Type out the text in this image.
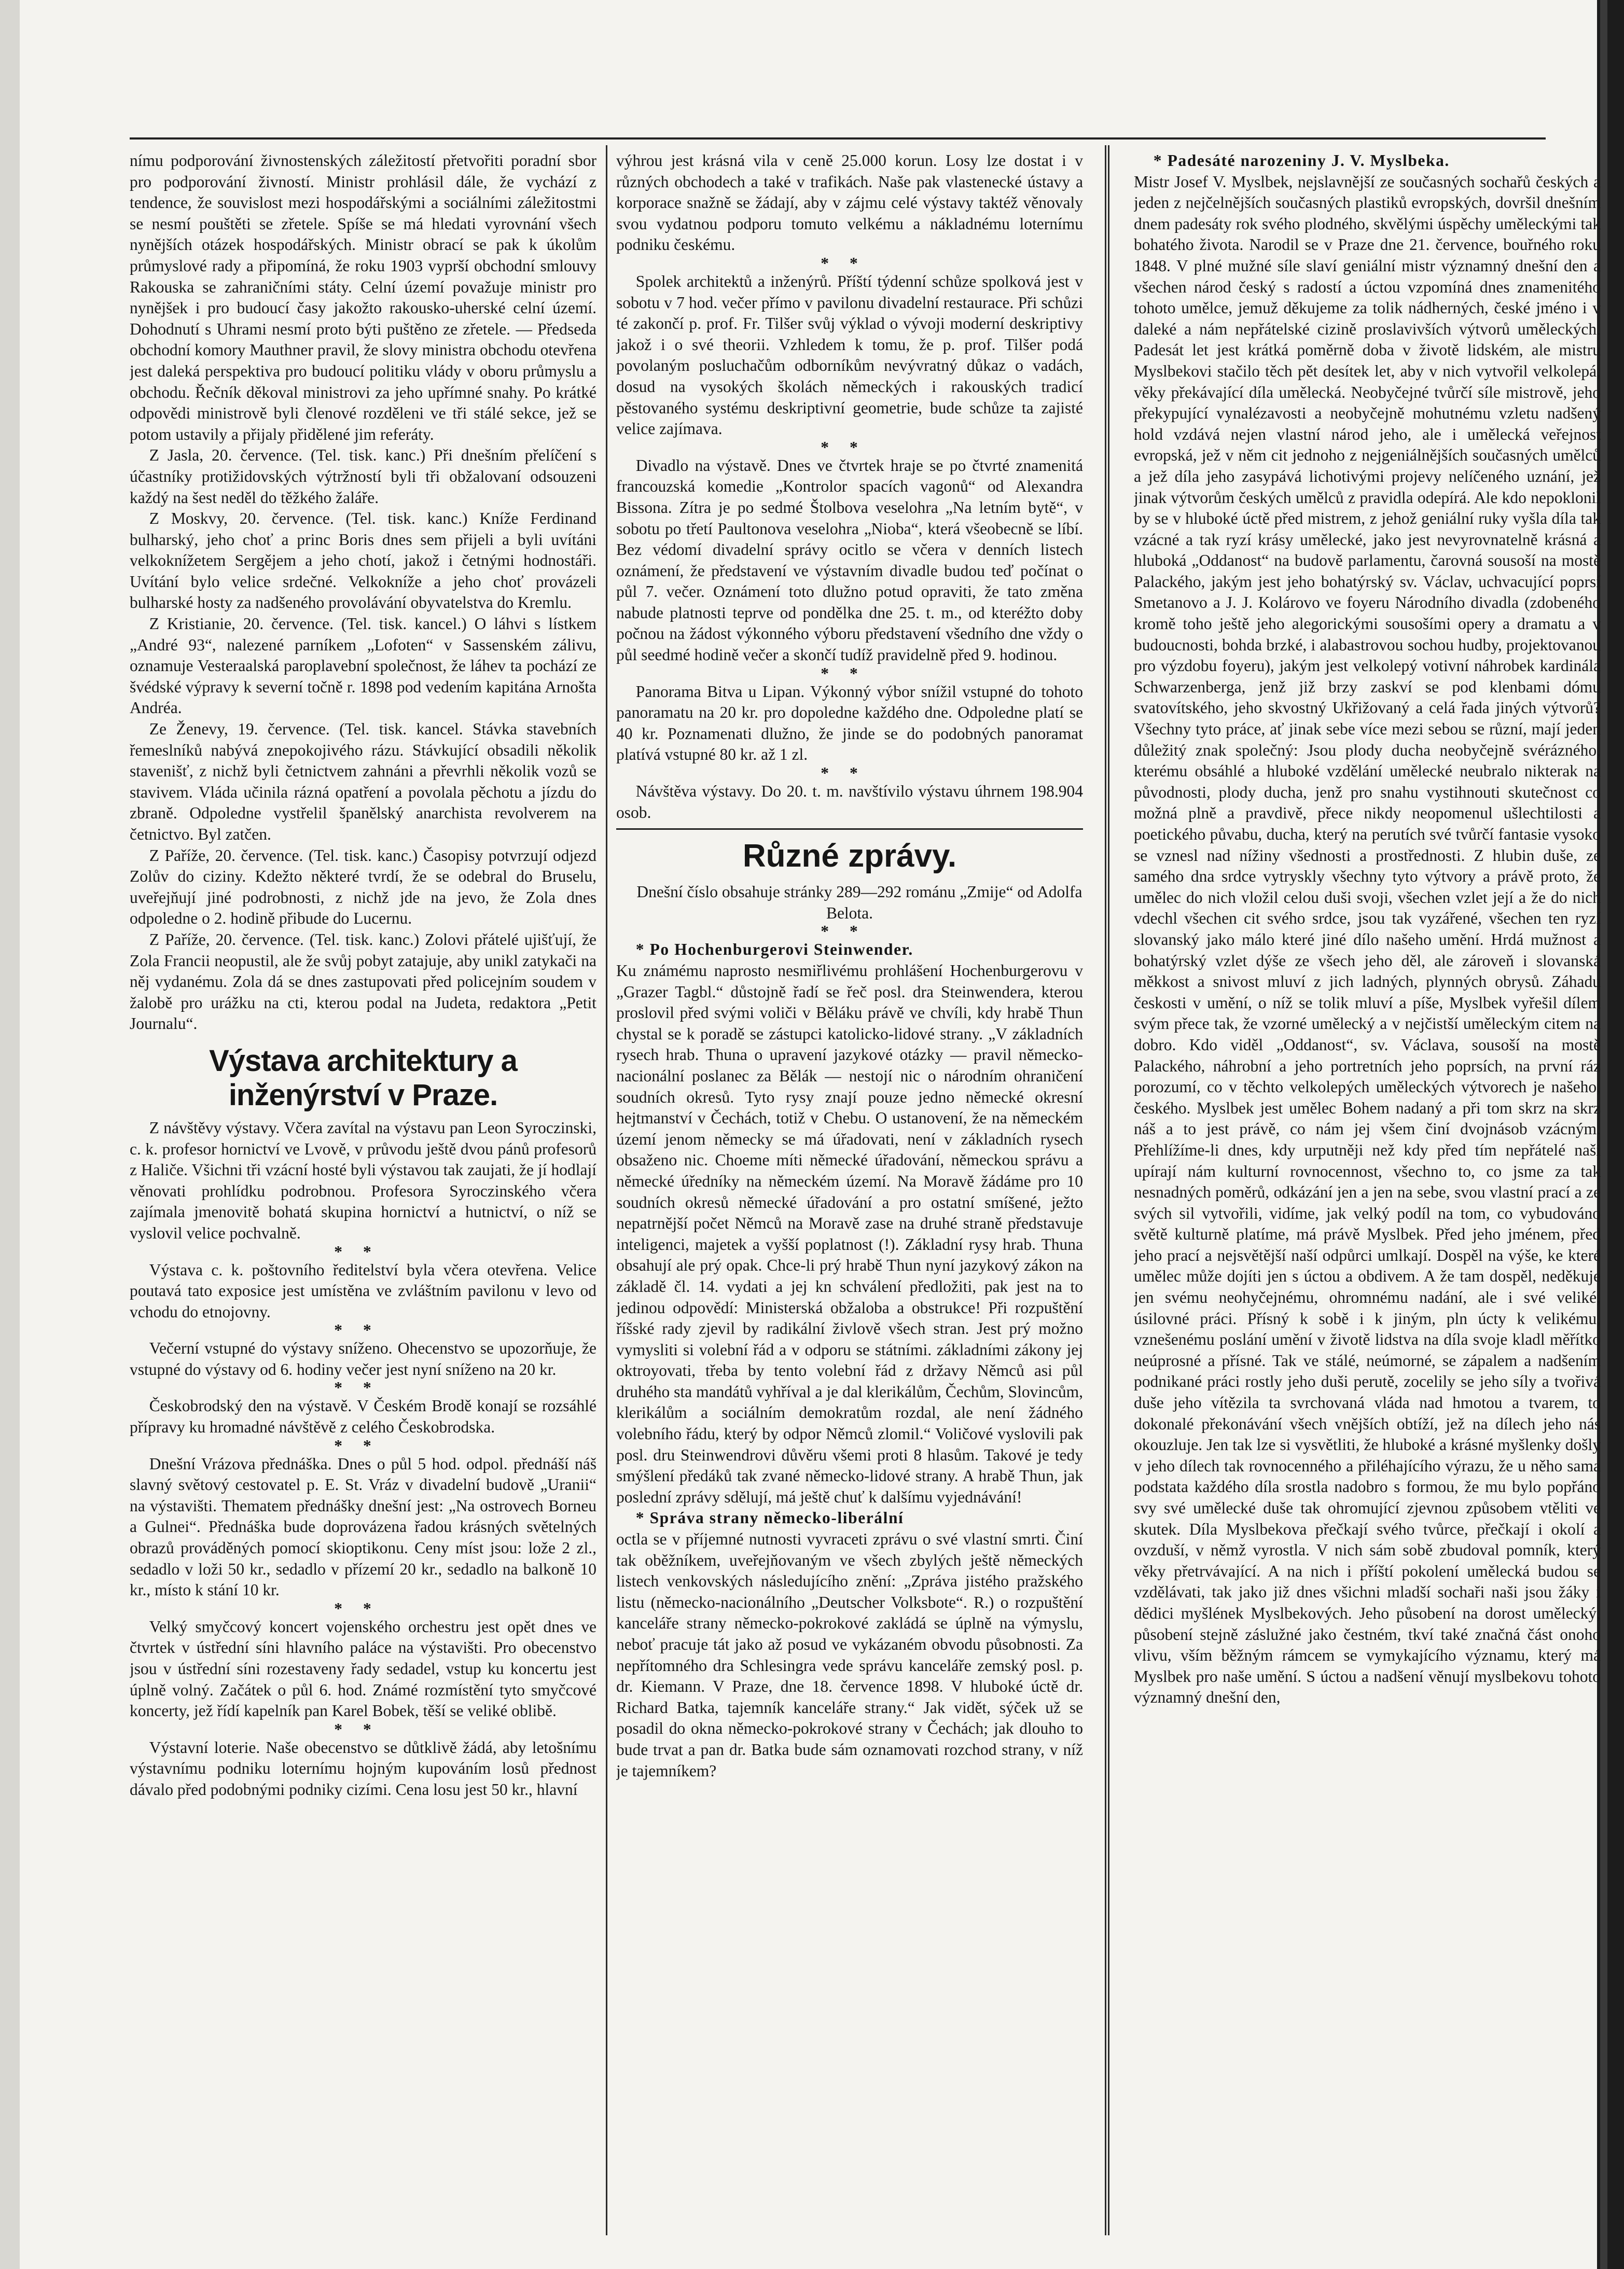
nímu podporování živnostenských záležitostí přetvořiti poradní sbor pro podporování živností. Ministr prohlásil dále, že vychází z tendence, že souvislost mezi hospodářskými a sociálními záležitostmi se nesmí pouštěti se zřetele. Spíše se má hledati vyrovnání všech nynějších otázek hospodářských. Ministr obrací se pak k úkolům průmyslové rady a připomíná, že roku 1903 vyprší obchodní smlouvy Rakouska se zahraničními státy. Celní území považuje ministr pro nynějšek i pro budoucí časy jakožto rakousko-uherské celní území. Dohodnutí s Uhrami nesmí proto býti puštěno ze zřetele. — Předseda obchodní komory Mauthner pravil, že slovy ministra obchodu otevřena jest daleká perspektiva pro budoucí politiku vlády v oboru průmyslu a obchodu. Řečník děkoval ministrovi za jeho upřímné snahy. Po krátké odpovědi ministrově byli členové rozděleni ve tři stálé sekce, jež se potom ustavily a přijaly přidělené jim referáty.

Z Jasla, 20. července. (Tel. tisk. kanc.) Při dnešním přelíčení s účastníky protižidovských výtržností byli tři obžalovaní odsouzeni každý na šest neděl do těžkého žaláře.

Z Moskvy, 20. července. (Tel. tisk. kanc.) Kníže Ferdinand bulharský, jeho choť a princ Boris dnes sem přijeli a byli uvítáni velkoknížetem Sergějem a jeho chotí, jakož i četnými hodnostáři. Uvítání bylo velice srdečné. Velkokníže a jeho choť provázeli bulharské hosty za nadšeného provolávání obyvatelstva do Kremlu.

Z Kristianie, 20. července. (Tel. tisk. kancel.) O láhvi s lístkem „André 93“, nalezené parníkem „Lofoten“ v Sassenském zálivu, oznamuje Vesteraalská paroplavební společnost, že láhev ta pochází ze švédské výpravy k severní točně r. 1898 pod vedením kapitána Arnošta Andréa.

Ze Ženevy, 19. července. (Tel. tisk. kancel. Stávka stavebních řemeslníků nabývá znepokojivého rázu. Stávkující obsadili několik stavenišť, z nichž byli četnictvem zahnáni a převrhli několik vozů se stavivem. Vláda učinila rázná opatření a povolala pěchotu a jízdu do zbraně. Odpoledne vystřelil španělský anarchista revolverem na četnictvo. Byl zatčen.

Z Paříže, 20. července. (Tel. tisk. kanc.) Časopisy potvrzují odjezd Zolův do ciziny. Kdežto některé tvrdí, že se odebral do Bruselu, uveřejňují jiné podrobnosti, z nichž jde na jevo, že Zola dnes odpoledne o 2. hodině přibude do Lucernu.

Z Paříže, 20. července. (Tel. tisk. kanc.) Zolovi přátelé ujišťují, že Zola Francii neopustil, ale že svůj pobyt zatajuje, aby unikl zatykači na něj vydanému. Zola dá se dnes zastupovati před policejním soudem v žalobě pro urážku na cti, kterou podal na Judeta, redaktora „Petit Journalu“.

Výstava architektury a inženýrství v Praze.

Z návštěvy výstavy. Včera zavítal na výstavu pan Leon Syroczinski, c. k. profesor hornictví ve Lvově, v průvodu ještě dvou pánů profesorů z Haliče. Všichni tři vzácní hosté byli výstavou tak zaujati, že jí hodlají věnovati prohlídku podrobnou. Profesora Syroczinského včera zajímala jmenovitě bohatá skupina hornictví a hutnictví, o níž se vyslovil velice pochvalně.

**

Výstava c. k. poštovního ředitelství byla včera otevřena. Velice poutavá tato exposice jest umístěna ve zvláštním pavilonu v levo od vchodu do etnojovny.

**

Večerní vstupné do výstavy sníženo. Ohecenstvo se upozorňuje, že vstupné do výstavy od 6. hodiny večer jest nyní sníženo na 20 kr.

**

Českobrodský den na výstavě. V Českém Brodě konají se rozsáhlé přípravy ku hromadné návštěvě z celého Českobrodska.

**

Dnešní Vrázova přednáška. Dnes o půl 5 hod. odpol. přednáší náš slavný světový cestovatel p. E. St. Vráz v divadelní budově „Uranii“ na výstavišti. Thematem přednášky dnešní jest: „Na ostrovech Borneu a Gulnei“. Přednáška bude doprovázena řadou krásných světelných obrazů prováděných pomocí skioptikonu. Ceny míst jsou: lože 2 zl., sedadlo v loži 50 kr., sedadlo v přízemí 20 kr., sedadlo na balkoně 10 kr., místo k stání 10 kr.

**

Velký smyčcový koncert vojenského orchestru jest opět dnes ve čtvrtek v ústřední síni hlavního paláce na výstavišti. Pro obecenstvo jsou v ústřední síni rozestaveny řady sedadel, vstup ku koncertu jest úplně volný. Začátek o půl 6. hod. Známé rozmístění tyto smyčcové koncerty, jež řídí kapelník pan Karel Bobek, těší se veliké oblibě.

**

Výstavní loterie. Naše obecenstvo se důtklivě žádá, aby letošnímu výstavnímu podniku loternímu hojným kupováním losů přednost dávalo před podobnými podniky cizími. Cena losu jest 50 kr., hlavní

výhrou jest krásná vila v ceně 25.000 korun. Losy lze dostat i v různých obchodech a také v trafikách. Naše pak vlastenecké ústavy a korporace snažně se žádají, aby v zájmu celé výstavy taktéž věnovaly svou vydatnou podporu tomuto velkému a nákladnému loternímu podniku českému.

**

Spolek architektů a inženýrů. Příští týdenní schůze spolková jest v sobotu v 7 hod. večer přímo v pavilonu divadelní restaurace. Při schůzi té zakončí p. prof. Fr. Tilšer svůj výklad o vývoji moderní deskriptivy jakož i o své theorii. Vzhledem k tomu, že p. prof. Tilšer podá povolaným posluchačům odborníkům nevývratný důkaz o vadách, dosud na vysokých školách německých i rakouských tradicí pěstovaného systému deskriptivní geometrie, bude schůze ta zajisté velice zajímava.

**

Divadlo na výstavě. Dnes ve čtvrtek hraje se po čtvrté znamenitá francouzská komedie „Kontrolor spacích vagonů“ od Alexandra Bissona. Zítra je po sedmé Štolbova veselohra „Na letním bytě“, v sobotu po třetí Paultonova veselohra „Nioba“, která všeobecně se líbí. Bez védomí divadelní správy ocitlo se včera v denních listech oznámení, že představení ve výstavním divadle budou teď počínat o půl 7. večer. Oznámení toto dlužno potud opraviti, že tato změna nabude platnosti teprve od pondělka dne 25. t. m., od kteréžto doby počnou na žádost výkonného výboru představení všedního dne vždy o půl seedmé hodině večer a skončí tudíž pravidelně před 9. hodinou.

**

Panorama Bitva u Lipan. Výkonný výbor snížil vstupné do tohoto panoramatu na 20 kr. pro dopoledne každého dne. Odpoledne platí se 40 kr. Poznamenati dlužno, že jinde se do podobných panoramat platívá vstupné 80 kr. až 1 zl.

**

Návštěva výstavy. Do 20. t. m. navštívilo výstavu úhrnem 198.904 osob.

Různé zprávy.

Dnešní číslo obsahuje stránky 289—292 románu „Zmije“ od Adolfa Belota.

**

* Po Hochenburgerovi Steinwender.

Ku známému naprosto nesmiřlivému prohlášení Hochenburgerovu v „Grazer Tagbl.“ důstojně řadí se řeč posl. dra Steinwendera, kterou proslovil před svými voliči v Běláku právě ve chvíli, kdy hrabě Thun chystal se k poradě se zástupci katolicko-lidové strany. „V základních rysech hrab. Thuna o upravení jazykové otázky — pravil německo-nacionální poslanec za Bělák — nestojí nic o národním ohraničení soudních okresů. Tyto rysy znají pouze jedno německé okresní hejtmanství v Čechách, totiž v Chebu. O ustanovení, že na německém území jenom německy se má úřadovati, není v základních rysech obsaženo nic. Choeme míti německé úřadování, německou správu a německé úředníky na německém území. Na Moravě žádáme pro 10 soudních okresů německé úřadování a pro ostatní smíšené, ježto nepatrnější počet Němců na Moravě zase na druhé straně představuje inteligenci, majetek a vyšší poplatnost (!). Základní rysy hrab. Thuna obsahují ale prý opak. Chce-li prý hrabě Thun nyní jazykový zákon na základě čl. 14. vydati a jej kn schválení předložiti, pak jest na to jedinou odpovědí: Ministerská obžaloba a obstrukce! Při rozpuštění říšské rady zjevil by radikální živlově všech stran. Jest prý možno vymysliti si volební řád a v odporu se státními. základními zákony jej oktroyovati, třeba by tento volební řád z državy Němců asi půl druhého sta mandátů vyhříval a je dal klerikálům, Čechům, Slovincům, klerikálům a sociálním demokratům rozdal, ale není žádného volebního řádu, který by odpor Němců zlomil.“ Voličové vyslovili pak posl. dru Steinwendrovi důvěru všemi proti 8 hlasům. Takové je tedy smýšlení předáků tak zvané německo-lidové strany. A hrabě Thun, jak poslední zprávy sdělují, má ještě chuť k dalšímu vyjednávání!

* Správa strany německo-liberální

octla se v příjemné nutnosti vyvraceti zprávu o své vlastní smrti. Činí tak oběžníkem, uveřejňovaným ve všech zbylých ještě německých listech venkovských následujícího znění: „Zpráva jistého pražského listu (německo-nacionálního „Deutscher Volksbote“. R.) o rozpuštění kanceláře strany německo-pokrokové zakládá se úplně na výmyslu, neboť pracuje tát jako až posud ve vykázaném obvodu působnosti. Za nepřítomného dra Schlesingra vede správu kanceláře zemský posl. p. dr. Kiemann. V Praze, dne 18. července 1898. V hluboké úctě dr. Richard Batka, tajemník kanceláře strany.“ Jak vidět, sýček už se posadil do okna německo-pokrokové strany v Čechách; jak dlouho to bude trvat a pan dr. Batka bude sám oznamovati rozchod strany, v níž je tajemníkem?

* Padesáté narozeniny J. V. Myslbeka.

Mistr Josef V. Myslbek, nejslavnější ze současných sochařů českých a jeden z nejčelnějších současných plastiků evropských, dovršil dnešním dnem padesáty rok svého plodného, skvělými úspěchy uměleckými tak bohatého života. Narodil se v Praze dne 21. července, bouřného roku 1848. V plné mužné síle slaví geniální mistr významný dnešní den a všechen národ český s radostí a úctou vzpomíná dnes znamenitého tohoto umělce, jemuž děkujeme za tolik nádherných, české jméno i v daleké a nám nepřátelské cizině proslavivších výtvorů uměleckých. Padesát let jest krátká poměrně doba v životě lidském, ale mistru Myslbekovi stačilo těch pět desítek let, aby v nich vytvořil velkolepá, věky překávající díla umělecká. Neobyčejné tvůrčí síle mistrově, jeho překypující vynalézavosti a neobyčejně mohutnému vzletu nadšený hold vzdává nejen vlastní národ jeho, ale i umělecká veřejnost evropská, jež v něm cit jednoho z nejgeniálnějších současných umělců a jež díla jeho zasypává lichotivými projevy nelíčeného uznání, jež jinak výtvorům českých umělců z pravidla odepírá. Ale kdo nepoklonil by se v hluboké úctě před mistrem, z jehož geniální ruky vyšla díla tak vzácné a tak ryzí krásy umělecké, jako jest nevyrovnatelně krásná a hluboká „Oddanost“ na budově parlamentu, čarovná sousoší na mostě Palackého, jakým jest jeho bohatýrský sv. Václav, uchvacující poprsí Smetanovo a J. J. Kolárovo ve foyeru Národního divadla (zdobeného kromě toho ještě jeho alegorickými sousošími opery a dramatu a v budoucnosti, bohda brzké, i alabastrovou sochou hudby, projektovanou pro výzdobu foyeru), jakým jest velkolepý votivní náhrobek kardinála Schwarzenberga, jenž již brzy zaskví se pod klenbami dómu svatovítského, jeho skvostný Ukřižovaný a celá řada jiných výtvorů? Všechny tyto práce, ať jinak sebe více mezi sebou se různí, mají jeden důležitý znak společný: Jsou plody ducha neobyčejně svérázného, kterému obsáhlé a hluboké vzdělání umělecké neubralo nikterak na původnosti, plody ducha, jenž pro snahu vystihnouti skutečnost co možná plně a pravdivě, přece nikdy neopomenul ušlechtilosti a poetického půvabu, ducha, který na perutích své tvůrčí fantasie vysoko se vznesl nad nížiny všednosti a prostřednosti. Z hlubin duše, ze samého dna srdce vytryskly všechny tyto výtvory a právě proto, že umělec do nich vložil celou duši svoji, všechen vzlet její a že do nich vdechl všechen cit svého srdce, jsou tak vyzářené, všechen ten ryzí slovanský jako málo které jiné dílo našeho umění. Hrdá mužnost a bohatýrský vzlet dýše ze všech jeho děl, ale zároveň i slovanská měkkost a snivost mluví z jich ladných, plynných obrysů. Záhadu českosti v umění, o níž se tolik mluví a píše, Myslbek vyřešil dílem svým přece tak, že vzorné umělecký a v nejčistší uměleckým citem na dobro. Kdo viděl „Oddanost“, sv. Václava, sousoší na mostě Palackého, náhrobní a jeho portretních jeho poprsích, na první ráz porozumí, co v těchto velkolepých uměleckých výtvorech je našeho, českého. Myslbek jest umělec Bohem nadaný a při tom skrz na skrz náš a to jest právě, co nám jej všem činí dvojnásob vzácným. Přehlížíme-li dnes, kdy urputněji než kdy před tím nepřátelé naši upírají nám kulturní rovnocennost, všechno to, co jsme za tak nesnadných poměrů, odkázání jen a jen na sebe, svou vlastní prací a ze svých sil vytvořili, vidíme, jak velký podíl na tom, co vybudováno světě kulturně platíme, má právě Myslbek. Před jeho jménem, před jeho prací a nejsvětější naší odpůrci umlkají. Dospěl na výše, ke které umělec může dojíti jen s úctou a obdivem. A že tam dospěl, neděkuje jen svému neohyčejnému, ohromnému nadání, ale i své veliké, úsilovné práci. Přísný k sobě i k jiným, pln úcty k velikému, vznešenému poslání umění v životě lidstva na díla svoje kladl měřítko neúprosné a přísné. Tak ve stálé, neúmorné, se zápalem a nadšením podnikané práci rostly jeho duši perutě, zocelily se jeho síly a tvořivá duše jeho vítězila ta svrchovaná vláda nad hmotou a tvarem, to dokonalé překonávání všech vnějších obtíží, jež na dílech jeho nás okouzluje. Jen tak lze si vysvětliti, že hluboké a krásné myšlenky došly v jeho dílech tak rovnocenného a přiléhajícího výrazu, že u něho sama podstata každého díla srostla nadobro s formou, že mu bylo popřáno svy své umělecké duše tak ohromující zjevnou způsobem vtěliti ve skutek. Díla Myslbekova přečkají svého tvůrce, přečkají i okolí a ovzduší, v němž vyrostla. V nich sám sobě zbudoval pomník, který věky přetrvávající. A na nich i příští pokolení umělecká budou se vzdělávati, tak jako již dnes všichni mladší sochaři naši jsou žáky i dědici myšlének Myslbekových. Jeho působení na dorost umělecký, působení stejně záslužné jako čestném, tkví také značná část onoho vlivu, vším běžným rámcem se vymykajícího významu, který má Myslbek pro naše umění. S úctou a nadšení věnují myslbekovu tohoto významný dnešní den,
